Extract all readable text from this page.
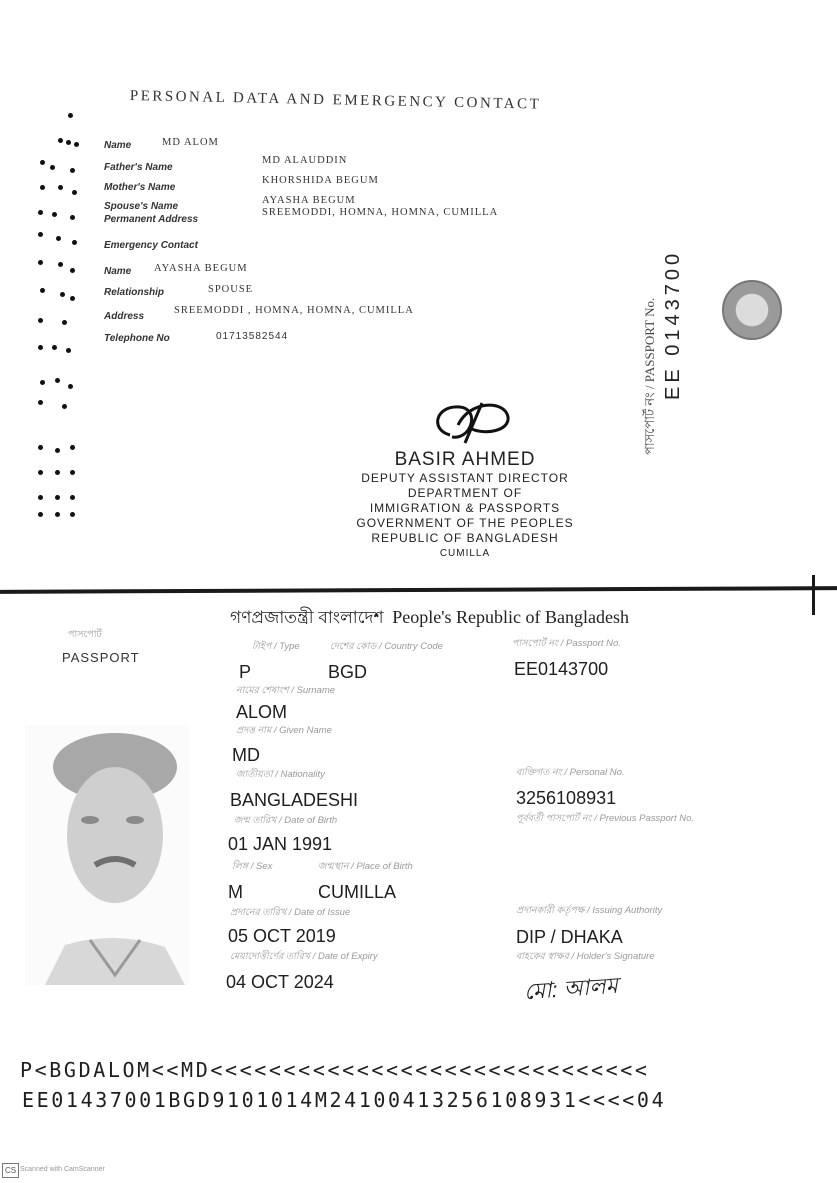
PERSONAL DATA AND EMERGENCY CONTACT
Name	MD ALOM
Father's Name
MD ALAUDDIN
Mother's Name
KHORSHIDA BEGUM
Spouse's Name
AYASHA BEGUM
Permanent Address
SREEMODDI, HOMNA, HOMNA, CUMILLA
Emergency Contact
Name AYASHA BEGUM
Relationship	SPOUSE
Address
SREEMODDI , HOMNA, HOMNA, CUMILLA
Telephone No	01713582544	পাসপোর্ট নং / PASSPORT No. EE 0143700
BASIR AHMED
DEPUTY ASSISTANT DIRECTOR
DEPARTMENT OF
IMMIGRATION & PASSPORTS
GOVERNMENT OF THE PEOPLES
REPUBLIC OF BANGLADESH
CUMILLA
গণপ্রজাতন্ত্রী বাংলাদেশ People's Republic of Bangladesh
পাসপোর্ট
PASSPORT
টাইপ / Type	দেশের কোড / Country Code	পাসপোর্ট নং / Passport No.
P	BGD	EE0143700
নামের শেষাংশ / Surname
ALOM
প্রদত্ত নাম / Given Name
MD
জাতীয়তা / Nationality	ব্যক্তিগত নং / Personal No.
BANGLADESHI	3256108931
জন্ম তারিখ / Date of Birth	পূর্ববর্তী পাসপোর্ট নং / Previous Passport No.
01 JAN 1991
লিঙ্গ / Sex	জন্মস্থান / Place of Birth
M	CUMILLA
প্রদানের তারিখ / Date of Issue	প্রদানকারী কর্তৃপক্ষ / Issuing Authority
05 OCT 2019	DIP / DHAKA
মেয়াদোত্তীর্ণের তারিখ / Date of Expiry	বাহকের স্বাক্ষর / Holder's Signature
04 OCT 2024	মো: আলম
P<BGDALOM<<MD<<<<<<<<<<<<<<<<<<<<<<<<<<<<<<
EE01437001BGD9101014M2410041325610893​1<<<<04
CS Scanned with CamScanner
